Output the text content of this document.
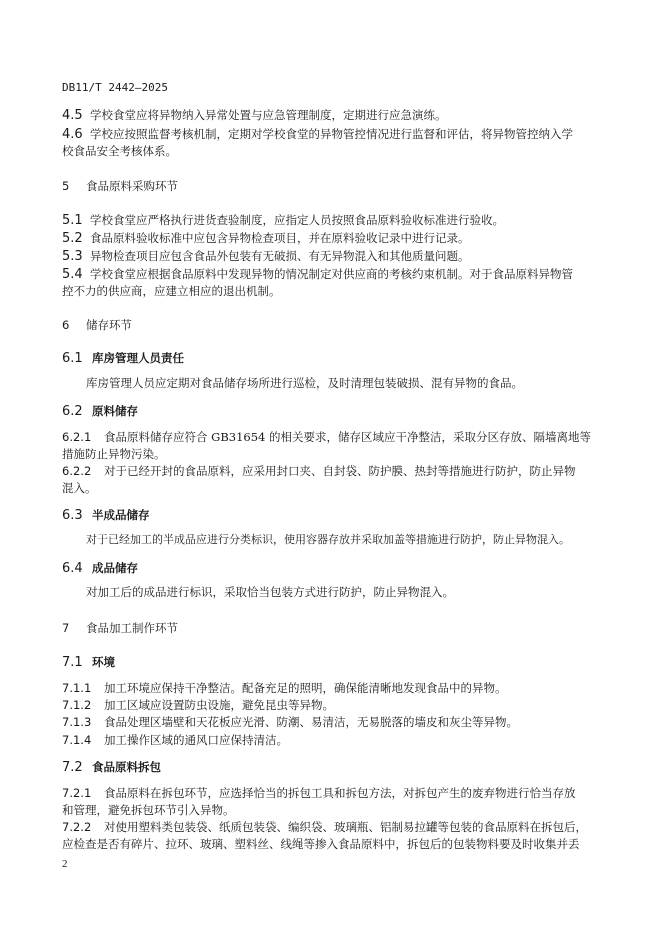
DB11/T 2442—2025
4.5 学校食堂应将异物纳入异常处置与应急管理制度，定期进行应急演练。
4.6 学校应按照监督考核机制，定期对学校食堂的异物管控情况进行监督和评估，将异物管控纳入学
校食品安全考核体系。
5 食品原料采购环节
5.1 学校食堂应严格执行进货查验制度，应指定人员按照食品原料验收标准进行验收。
5.2 食品原料验收标准中应包含异物检查项目，并在原料验收记录中进行记录。
5.3 异物检查项目应包含食品外包装有无破损、有无异物混入和其他质量问题。
5.4 学校食堂应根据食品原料中发现异物的情况制定对供应商的考核约束机制。对于食品原料异物管
控不力的供应商，应建立相应的退出机制。
6 储存环节
6.1 库房管理人员责任
库房管理人员应定期对食品储存场所进行巡检，及时清理包装破损、混有异物的食品。
6.2 原料储存
6.2.1 食品原料储存应符合 GB31654 的相关要求，储存区域应干净整洁，采取分区存放、隔墙离地等
措施防止异物污染。
6.2.2 对于已经开封的食品原料，应采用封口夹、自封袋、防护膜、热封等措施进行防护，防止异物
混入。
6.3 半成品储存
对于已经加工的半成品应进行分类标识，使用容器存放并采取加盖等措施进行防护，防止异物混入。
6.4 成品储存
对加工后的成品进行标识，采取恰当包装方式进行防护，防止异物混入。
7 食品加工制作环节
7.1 环境
7.1.1 加工环境应保持干净整洁。配备充足的照明，确保能清晰地发现食品中的异物。
7.1.2 加工区域应设置防虫设施，避免昆虫等异物。
7.1.3 食品处理区墙壁和天花板应光滑、防潮、易清洁，无易脱落的墙皮和灰尘等异物。
7.1.4 加工操作区域的通风口应保持清洁。
7.2 食品原料拆包
7.2.1 食品原料在拆包环节，应选择恰当的拆包工具和拆包方法，对拆包产生的废弃物进行恰当存放
和管理，避免拆包环节引入异物。
7.2.2 对使用塑料类包装袋、纸质包装袋、编织袋、玻璃瓶、铝制易拉罐等包装的食品原料在拆包后，
应检查是否有碎片、拉环、玻璃、塑料丝、线绳等掺入食品原料中，拆包后的包装物料要及时收集并丢
2
